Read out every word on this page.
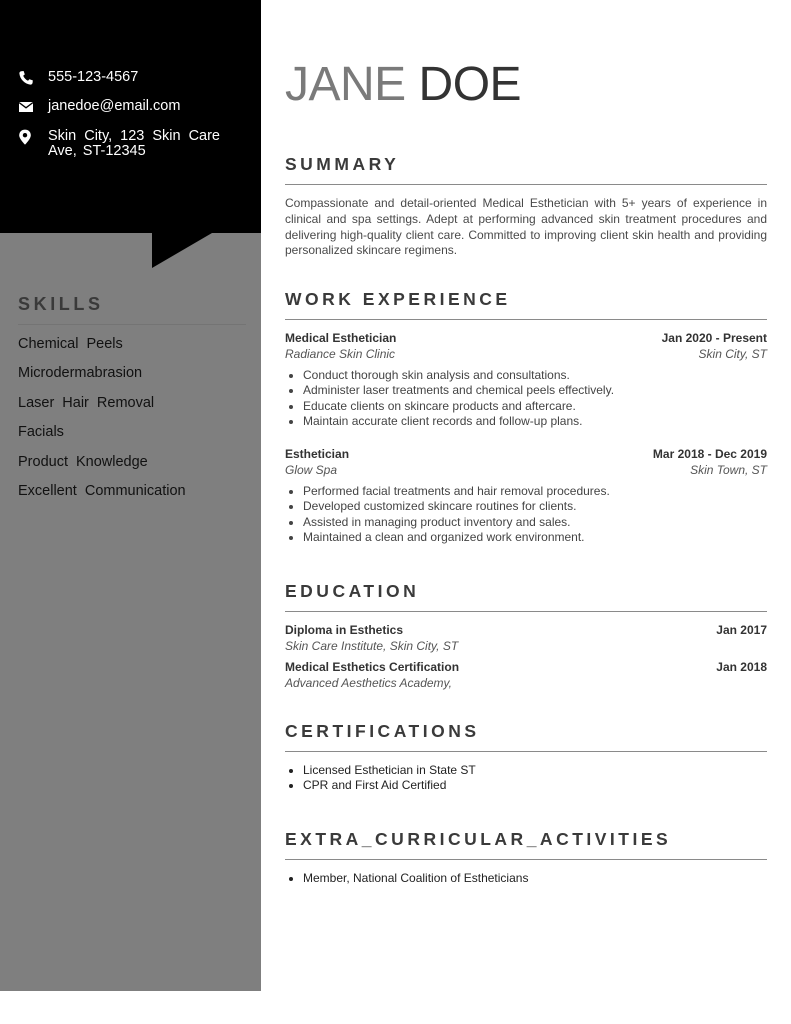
555-123-4567
janedoe@email.com
Skin City, 123 Skin Care Ave, ST-12345
SKILLS
Chemical Peels
Microdermabrasion
Laser Hair Removal
Facials
Product Knowledge
Excellent Communication
JANE DOE
SUMMARY
Compassionate and detail-oriented Medical Esthetician with 5+ years of experience in clinical and spa settings. Adept at performing advanced skin treatment procedures and delivering high-quality client care. Committed to improving client skin health and providing personalized skincare regimens.
WORK EXPERIENCE
Medical Esthetician	Jan 2020 - Present
Radiance Skin Clinic	Skin City, ST
• Conduct thorough skin analysis and consultations.
• Administer laser treatments and chemical peels effectively.
• Educate clients on skincare products and aftercare.
• Maintain accurate client records and follow-up plans.
Esthetician	Mar 2018 - Dec 2019
Glow Spa	Skin Town, ST
• Performed facial treatments and hair removal procedures.
• Developed customized skincare routines for clients.
• Assisted in managing product inventory and sales.
• Maintained a clean and organized work environment.
EDUCATION
Diploma in Esthetics	Jan 2017
Skin Care Institute, Skin City, ST
Medical Esthetics Certification	Jan 2018
Advanced Aesthetics Academy,
CERTIFICATIONS
• Licensed Esthetician in State ST
• CPR and First Aid Certified
EXTRA_CURRICULAR_ACTIVITIES
• Member, National Coalition of Estheticians
